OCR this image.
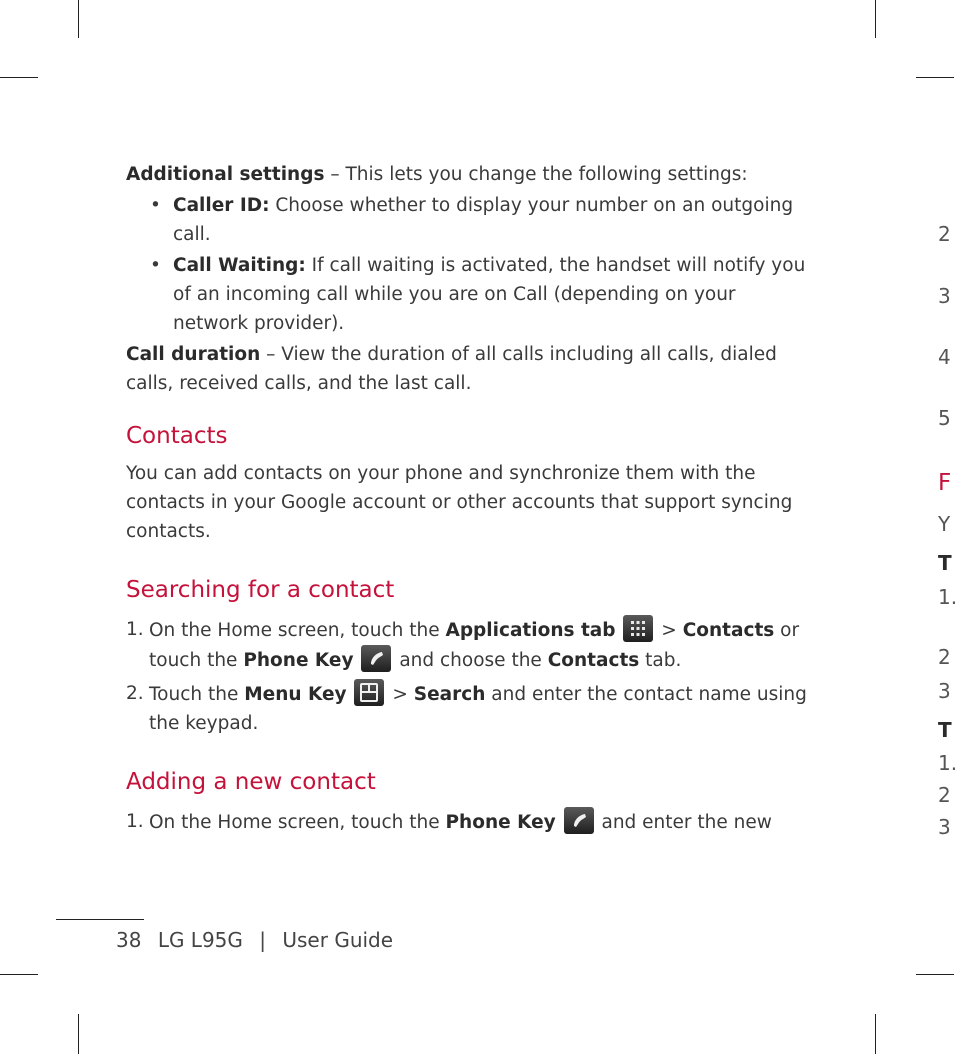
Additional settings – This lets you change the following settings:

• Caller ID: Choose whether to display your number on an outgoing call.
• Call Waiting: If call waiting is activated, the handset will notify you of an incoming call while you are on Call (depending on your network provider).

Call duration – View the duration of all calls including all calls, dialed calls, received calls, and the last call.

Contacts

You can add contacts on your phone and synchronize them with the contacts in your Google account or other accounts that support syncing contacts.

Searching for a contact
1. On the Home screen, touch the Applications tab
> Contacts or touch the Phone Key
and choose the Contacts tab.
2. Touch the Menu Key
> Search and enter the contact name using the keypad.
Adding a new contact
1. On the Home screen, touch the Phone Key
and enter the new
38 LG L95G | User Guide
2
3
4
5
F
Y
T
1.
2
3
T
1.
2
3
